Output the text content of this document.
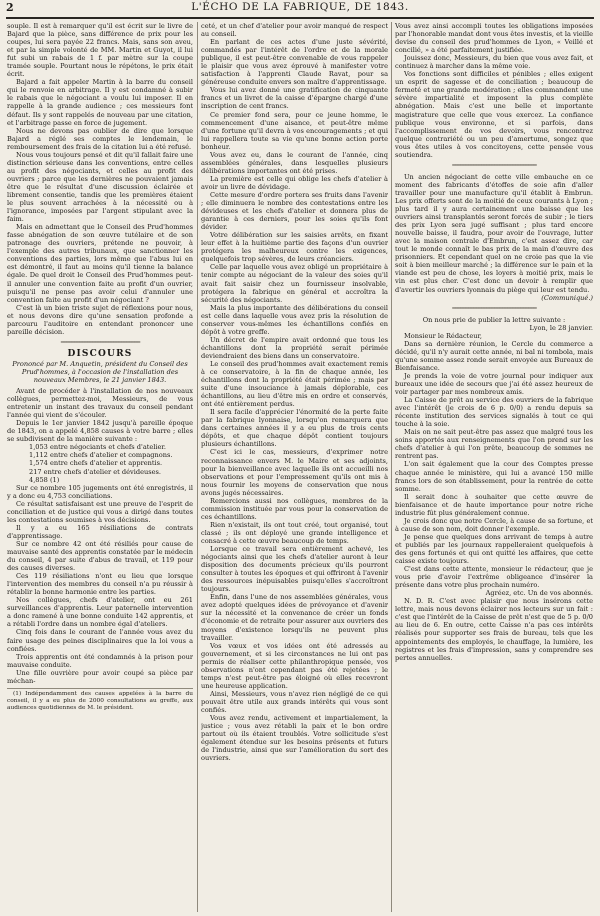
2	L'ÉCHO DE LA FABRIQUE, DE 1843.

souple. Il est à remarquer qu'il est écrit sur le livre de Bajard que la pièce, sans différence de prix pour les coupes, lui sera payée 22 francs. Mais, sans son aveu, et par la simple volonté de MM. Martin et Guyot, il lui fut subi un rabais de 1 f. par mètre sur la coupe tramée souple. Pourtant nous le répétons, le prix était écrit.

Bajard a fait appeler Martin à la barre du conseil qui le renvoie en arbitrage. Il y est condamné à subir le rabais que le négociant a voulu lui imposer. Il en rappelle à la grande audience ; ces messieurs font défaut. Ils y sont rappelés de nouveau par une citation, et l'arbitrage passe en force de jugement.

Nous ne devons pas oublier de dire que lorsque Bajard a réglé ses comptes le lendemain, le remboursement des frais de la citation lui a été refusé.

Nous vous toujours pensé et dit qu'il fallait faire une distinction sérieuse dans les conventions, entre celles au profit des négociants, et celles au profit des ouvriers ; parce que les dernières ne pouvaient jamais être que le résultat d'une discussion éclairée et librement consentie, tandis que les premières étaient le plus souvent arrachées à la nécessité ou à l'ignorance, imposées par l'argent stipulant avec la faim.

Mais en admettant que le Conseil des Prud'hommes fasse abnégation de son œuvre tutélaire et de son patronage des ouvriers, prétende ne pouvoir, à l'exemple des autres tribunaux, que sanctionner les conventions des parties, lors même que l'abus lui en est démontré, il faut au moins qu'il tienne la balance égale. De quel droit le Conseil des Prud'hommes peut-il annuler une convention faite au profit d'un ouvrier, puisqu'il ne pense pas avoir celui d'annuler une convention faite au profit d'un négociant ?

C'est là un bien triste sujet de réflexions pour nous, et nous devons dire qu'une sensation profonde a parcouru l'auditoire en entendant prononcer une pareille décision.

━━━━━━━━━━━━━━━━━━━━━━━━━━━━━━
DISCOURS
Prononcé par M. Anquetin, président du Conseil des Prud'hommes, à l'occasion de l'installation des nouveaux Membres, le 21 janvier 1843.

Avant de procéder à l'installation de nos nouveaux collègues, permettez-moi, Messieurs, de vous entretenir un instant des travaux du conseil pendant l'année qui vient de s'écouler.

Depuis le 1er janvier 1842 jusqu'à pareille époque de 1843, on a appelé 4,858 causes à votre barre ; elles se subdivisent de la manière suivante :

1,053 entre négociants et chefs d'atelier.

1,112 entre chefs d'atelier et compagnons.

1,574 entre chefs d'atelier et apprentis.

217 entre chefs d'atelier et dévideuses.

4,858 (1)

Sur ce nombre 105 jugements ont été enregistrés, il y a donc eu 4,753 conciliations.

Ce résultat satisfaisant est une preuve de l'esprit de conciliation et de justice qui vous a dirigé dans toutes les contestations soumises à vos décisions.

Il y a eu 165 résiliations de contrats d'apprentissage.

Sur ce nombre 42 ont été résiliés pour cause de mauvaise santé des apprentis constatée par le médecin du conseil, 4 par suite d'abus de travail, et 119 pour des causes diverses.

Ces 119 résiliations n'ont eu lieu que lorsque l'intervention des membres du conseil n'a pu réussir à rétablir la bonne harmonie entre les parties.

Nos collègues, chefs d'atelier, ont eu 261 surveillances d'apprentis. Leur paternelle intervention a donc ramené à une bonne conduite 142 apprentis, et a rétabli l'ordre dans un nombre égal d'ateliers.

Cinq fois dans le courant de l'année vous avez du faire usage des peines disciplinaires que la loi vous a confiées.

Trois apprentis ont été condamnés à la prison pour mauvaise conduite.

Une fille ouvrière pour avoir coupé sa pièce par méchan-

(1) Indépendamment des causes appelées à la barre du conseil, il y a eu plus de 2000 consultations au greffe, aux audiences quotidiennes de M. le président.

ceté, et un chef d'atelier pour avoir manqué de respect au conseil.

En parlant de ces actes d'une juste sévérité, commandés par l'intérêt de l'ordre et de la morale publique, il est peut-être convenable de vous rappeler le plaisir que vous avez éprouvé à manifester votre satisfaction à l'apprenti Claude Ravat, pour sa généreuse conduite envers son maître d'apprentissage.

Vous lui avez donné une gratification de cinquante francs et un livret de la caisse d'épargne chargé d'une inscription de cent francs.

Ce premier fond sera, pour ce jeune homme, le commencement d'une aisance, et peut-être même d'une fortune qu'il devra à vos encouragements ; et qui lui rappellera toute sa vie qu'une bonne action porte bonheur.

Vous avez eu, dans le courant de l'année, cinq assemblées générales, dans lesquelles plusieurs délibérations importantes ont été prises.

La première est celle qui oblige les chefs d'atelier à avoir un livre de dévidage.

Cette mesure d'ordre portera ses fruits dans l'avenir ; elle diminuera le nombre des contestations entre les dévideuses et les chefs d'atelier et donnera plus de garantie à ces derniers, pour les soies qu'ils font dévider.

Votre délibération sur les saisies arrêts, en fixant leur effet à la huitième partie des façons d'un ouvrier protégera les malheureux contre les exigences, quelquefois trop sévères, de leurs créanciers.

Celle par laquelle vous avez obligé un propriétaire à tenir compte au négociant de la valeur des soies qu'il avait fait saisir chez un fournisseur insolvable, protégera la fabrique en général et accroîtra la sécurité des négociants.

Mais la plus importante des délibérations du conseil est celle dans laquelle vous avez pris la résolution de conserver vous-mêmes les échantillons confiés en dépôt à votre greffe.

Un décret de l'empire avait ordonné que tous les échantillons dont la propriété serait périmée deviendraient des biens dans un conservatoire.

Le conseil des prud'hommes avait exactement remis à ce conservatoire, à la fin de chaque année, les échantillons dont la propriété était périmée ; mais par suite d'une insouciance à jamais déplorable, ces échantillons, au lieu d'être mis en ordre et conservés, ont été entièrement perdus.

Il sera facile d'apprécier l'énormité de la perte faite par la fabrique lyonnaise, lorsqu'on remarquera que dans certaines années il y a eu plus de trois cents dépôts, et que chaque dépôt contient toujours plusieurs échantillons.

C'est ici le cas, messieurs, d'exprimer notre reconnaissance envers M. le Maire et ses adjoints, pour la bienveillance avec laquelle ils ont accueilli nos observations et pour l'empressement qu'ils ont mis à nous fournir les moyens de conservation que nous avons jugés nécessaires.

Remercions aussi nos collègues, membres de la commission instituée par vous pour la conservation de ces échantillons.

Rien n'existait, ils ont tout créé, tout organisé, tout classé ; ils ont déployé une grande intelligence et consacré à cette œuvre beaucoup de temps.

Lorsque ce travail sera entièrement achevé, les négociants ainsi que les chefs d'atelier auront à leur disposition des documents précieux qu'ils pourront consulter à toutes les époques et qui offriront à l'avenir des ressources inépuisables puisqu'elles s'accroîtront toujours.

Enfin, dans l'une de nos assemblées générales, vous avez adopté quelques idées de prévoyance et d'avenir sur la nécessité et la convenance de créer un fonds d'économie et de retraite pour assurer aux ouvriers des moyens d'existence lorsqu'ils ne peuvent plus travailler.

Vos vœux et vos idées ont été adressés au gouvernement, et si les circonstances ne lui ont pas permis de réaliser cette philanthropique pensée, vos observations n'ont cependant pas été rejetées ; le temps n'est peut-être pas éloigné où elles recevront une heureuse application.

Ainsi, Messieurs, vous n'avez rien négligé de ce qui pouvait être utile aux grands intérêts qui vous sont confiés.

Vous avez rendu, activement et impartialement, la justice ; vous avez rétabli la paix et le bon ordre partout où ils étaient troublés. Votre sollicitude s'est également étendue sur les besoins présents et futurs de l'industrie, ainsi que sur l'amélioration du sort des ouvriers.

Vous avez ainsi accompli toutes les obligations imposées par l'honorable mandat dont vous êtes investis, et la vieille devise du conseil des prud'hommes de Lyon, « Veillé et concilié, » a été parfaitement justifiée.

Jouissez donc, Messieurs, du bien que vous avez fait, et continuez à marcher dans la même voie.

Vos fonctions sont difficiles et pénibles ; elles exigent un esprit de sagesse et de conciliation ; beaucoup de fermeté et une grande modération ; elles commandent une sévère impartialité et imposent la plus complète abnégation. Mais c'est une belle et importante magistrature que celle que vous exercez. La confiance publique vous environne, et si parfois, dans l'accomplissement de vos devoirs, vous rencontrez quelque contrariété ou un peu d'amertume, songez que vous êtes utiles à vos concitoyens, cette pensée vous soutiendra.

━━━━━━━━━━━━━━━━━━━━━━━━━━━━━━━━

Un ancien négociant de cette ville embauche en ce moment des fabricants d'étoffes de soie afin d'aller travailler pour une manufacture qu'il établit à Embrun. Les prix offerts sont de la moitié de ceux courants à Lyon ; plus tard il y aura certainement une baisse que les ouvriers ainsi transplantés seront forcés de subir ; le tiers des prix Lyon sera jugé suffisant ; plus tard encore nouvelle baisse, il faudra, pour avoir de l'ouvrage, lutter avec la maison centrale d'Embrun, c'est assez dire, car tout le monde connaît le bas prix de la main d'œuvre des prisonniers. Et cependant quel on ne croie pas que la vie soit à bien meilleur marché ; la différence sur le pain et la viande est peu de chose, les loyers à moitié prix, mais le vin est plus cher. C'est donc un devoir à remplir que d'avertir les ouvriers lyonnais du piège qui leur est tendu.

(Communiqué.)

━━━━━━━━━━━━━━━━━━━━━━━━━━━━━━━━

On nous prie de publier la lettre suivante :

Lyon, le 28 janvier.

Monsieur le Rédacteur,

Dans sa dernière réunion, le Cercle du commerce a décidé, qu'il n'y aurait cette année, ni bal ni tombola, mais qu'une somme assez ronde serait envoyée aux Bureaux de Bienfaisance.

Je prends la voie de votre journal pour indiquer aux bureaux une idée de secours que j'ai été assez heureux de voir partager par mes nombreux amis.

La Caisse de prêt au service des ouvriers de la fabrique avec l'intérêt (je crois de 6 p. 0/0) a rendu depuis sa récente institution des services signalés à tout ce qui touche à la soie.

Mais on ne sait peut-être pas assez que malgré tous les soins apportés aux renseignements que l'on prend sur les chefs d'atelier à qui l'on prête, beaucoup de sommes ne rentrent pas.

L'on sait également que la cour des Comptes presse chaque année le ministère, qui lui a avancé 150 mille francs lors de son établissement, pour la rentrée de cette somme.

Il serait donc à souhaiter que cette œuvre de bienfaisance et de haute importance pour notre riche industrie fût plus généralement connue.

Je crois donc que notre Cercle, à cause de sa fortune, et à cause de son nom, doit donner l'exemple.

Je pense que quelques dons arrivant de temps à autre et publiés par les journaux rappelleraient quelquefois à des gens fortunés et qui ont quitté les affaires, que cette caisse existe toujours.

C'est dans cette attente, monsieur le rédacteur, que je vous prie d'avoir l'extrême obligeance d'insérer la présente dans votre plus prochain numéro.

Agréez, etc. Un de vos abonnés.

N. D. R. C'est avec plaisir que nous insérons cette lettre, mais nous devons éclairer nos lecteurs sur un fait : c'est que l'intérêt de la Caisse de prêt n'est que de 5 p. 0/0 au lieu de 6. En outre, cette Caisse n'a pas ces intérêts réalisés pour supporter ses frais de bureau, tels que les appointements des employés, le chauffage, la lumière, les registres et les frais d'impression, sans y comprendre ses pertes annuelles.
